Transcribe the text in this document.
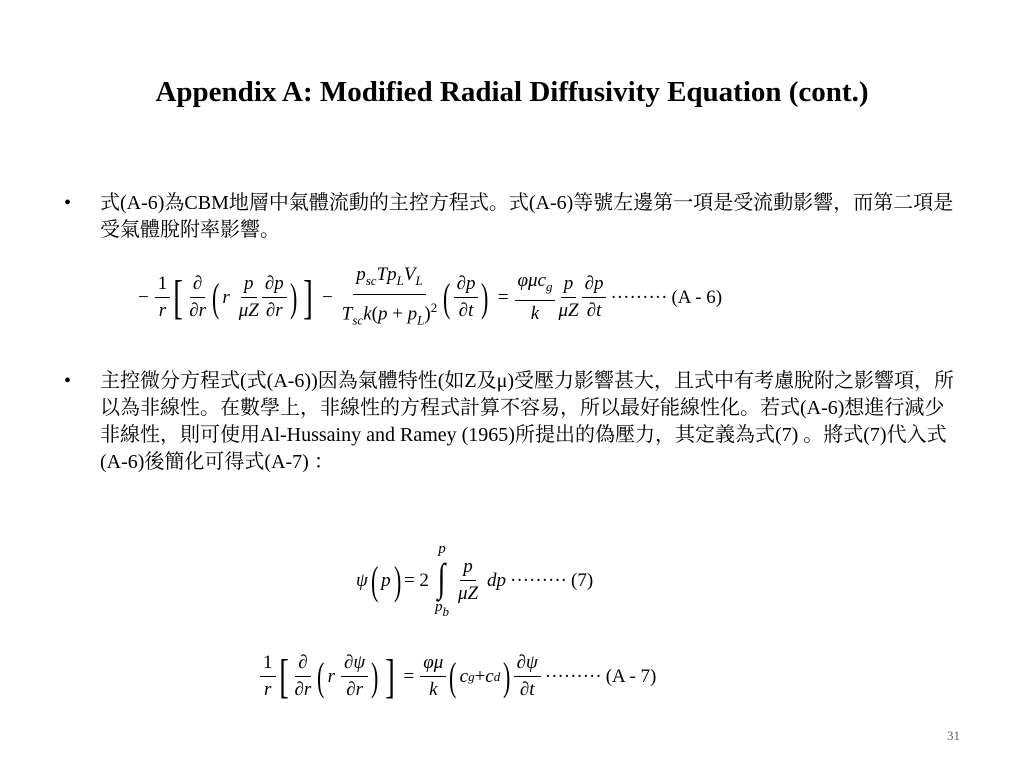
Appendix A: Modified Radial Diffusivity Equation (cont.)
• 式(A-6)為CBM地層中氣體流動的主控方程式。式(A-6)等號左邊第一項是受流動影響，而第二項是受氣體脫附率影響。
− $\frac{1}{r}$ [ $\frac{\partial}{\partial r}$ ( r $\frac{p}{\mu Z} \frac{\partial p}{\partial r}$ ) ] − $\frac{p_{sc}Tp_LV_L}{T_{sc}k(p + p_L)^2}$ ( $\frac{\partial p}{\partial t}$ ) = $\frac{\varphi\mu c_g}{k} \frac{p}{\mu Z} \frac{\partial p}{\partial t}$ ········· (A - 6)
• 主控微分方程式(式(A-6))因為氣體特性(如Z及μ)受壓力影響甚大，且式中有考慮脫附之影響項，所以為非線性。在數學上，非線性的方程式計算不容易，所以最好能線性化。若式(A-6)想進行減少非線性，則可使用Al-Hussainy and Ramey (1965)所提出的偽壓力，其定義為式(7) 。將式(7)代入式(A-6)後簡化可得式(A-7) ：
ψ ( p ) = 2
p
∫
pb
$\frac{p}{\mu Z}$ dp ········· (7)
$\frac{1}{r}$ [ $\frac{\partial}{\partial r}$ ( r $\frac{\partial\psi}{\partial r}$ ) ] = $\frac{\varphi\mu}{k}$ ( c g + c d ) $\frac{\partial\psi}{\partial t}$ ········· (A - 7)
31
